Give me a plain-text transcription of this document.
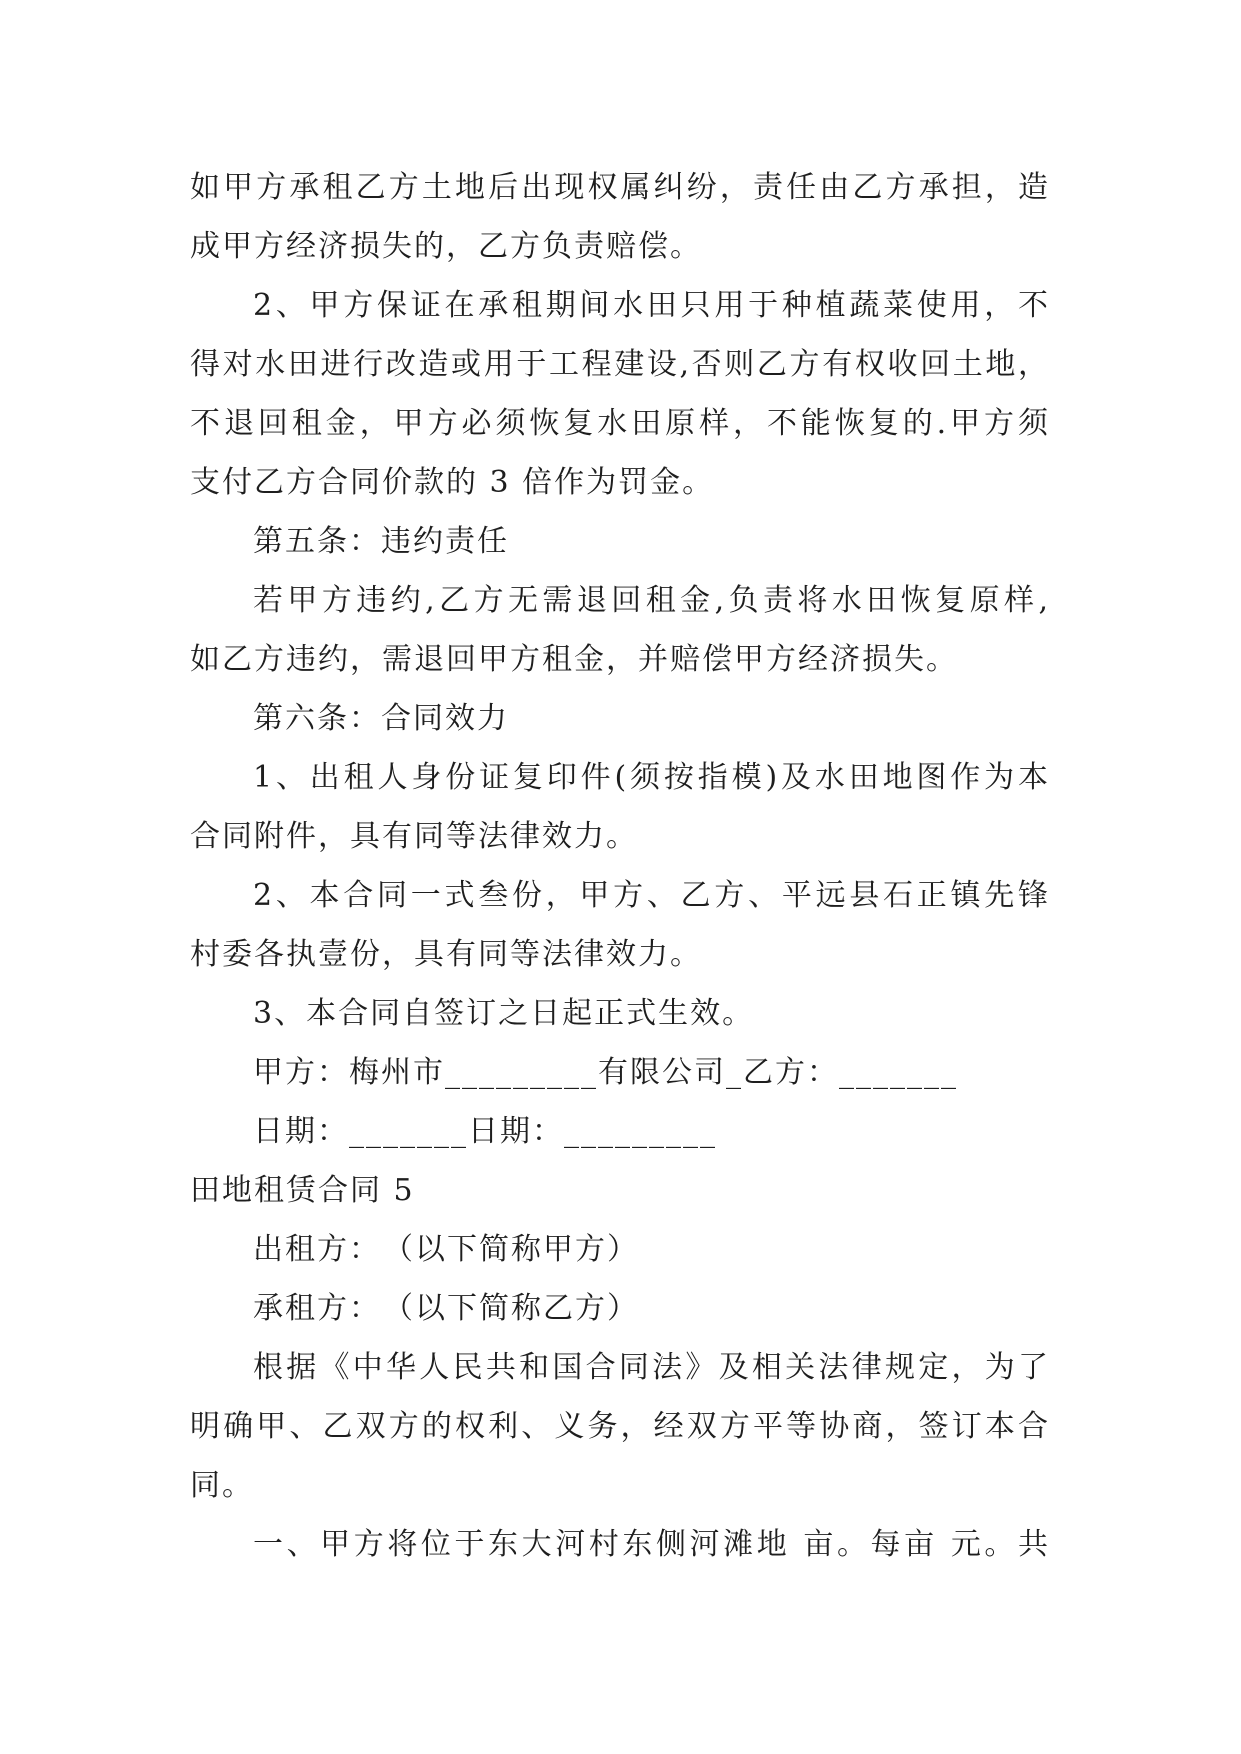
如甲方承租乙方土地后出现权属纠纷，责任由乙方承担，造
成甲方经济损失的，乙方负责赔偿。
2、甲方保证在承租期间水田只用于种植蔬菜使用，不
得对水田进行改造或用于工程建设,否则乙方有权收回土地，
不退回租金，甲方必须恢复水田原样，不能恢复的.甲方须
支付乙方合同价款的 3 倍作为罚金。
第五条：违约责任
若甲方违约,乙方无需退回租金,负责将水田恢复原样,
如乙方违约，需退回甲方租金，并赔偿甲方经济损失。
第六条：合同效力
1、出租人身份证复印件(须按指模)及水田地图作为本
合同附件，具有同等法律效力。
2、本合同一式叁份，甲方、乙方、平远县石正镇先锋
村委各执壹份，具有同等法律效力。
3、本合同自签订之日起正式生效。
甲方：梅州市_________有限公司_乙方：_______
日期：_______日期：_________
田地租赁合同 5
出租方：　（以下简称甲方）
承租方：　（以下简称乙方）
根据《中华人民共和国合同法》及相关法律规定，为了
明确甲、乙双方的权利、义务，经双方平等协商，签订本合
同。
一、甲方将位于东大河村东侧河滩地 亩。每亩 元。共
